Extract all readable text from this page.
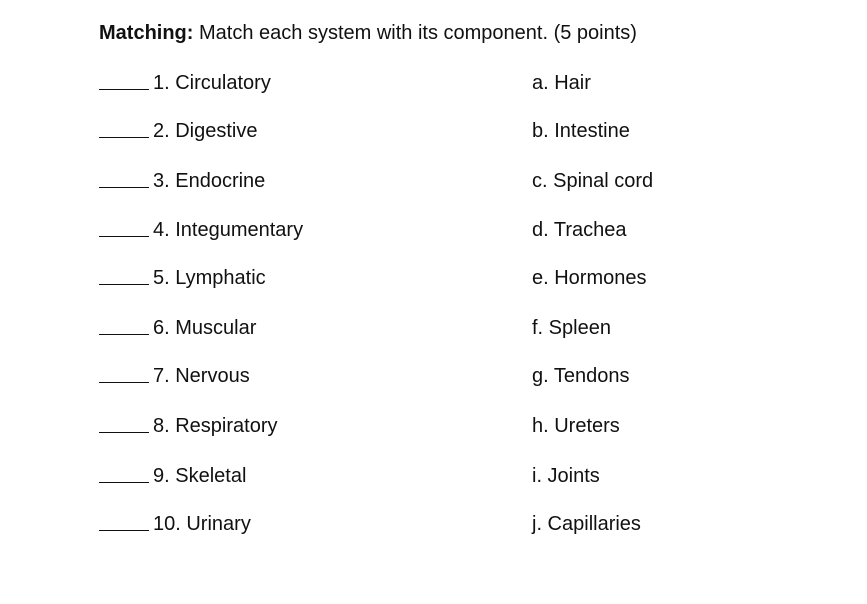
Matching: Match each system with its component. (5 points)
1. Circulatory	a. Hair
2. Digestive	b. Intestine
3. Endocrine	c. Spinal cord
4. Integumentary	d. Trachea
5. Lymphatic	e. Hormones
6. Muscular	f. Spleen
7. Nervous	g. Tendons
8. Respiratory	h. Ureters
9. Skeletal	i. Joints
10. Urinary	j. Capillaries
